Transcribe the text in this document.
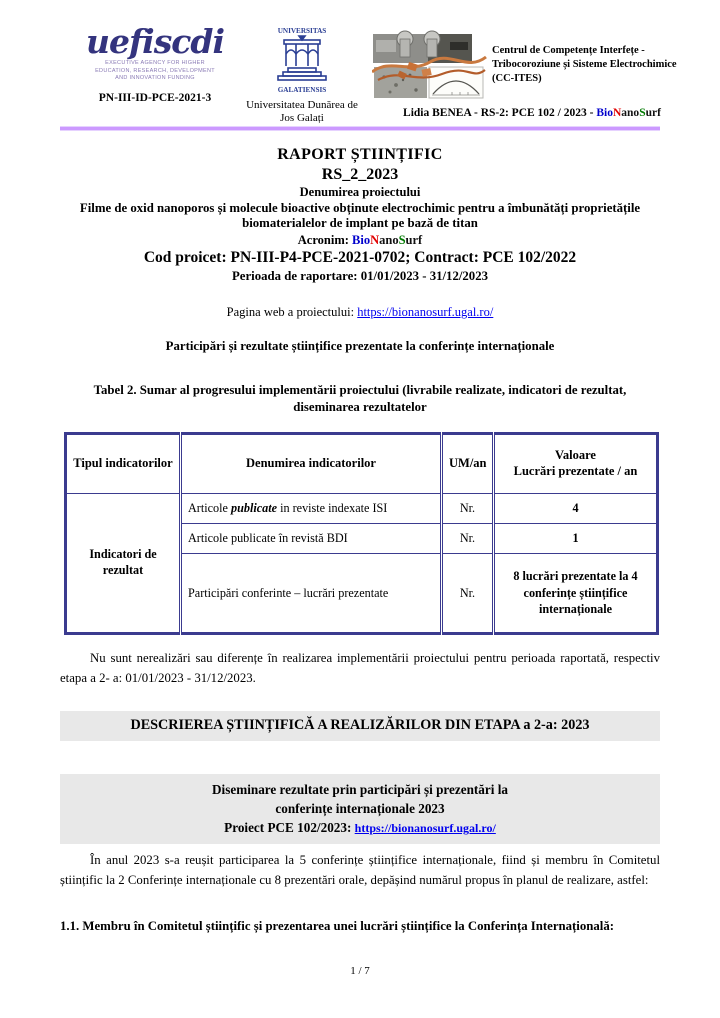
uefiscdi
EXECUTIVE AGENCY FOR HIGHER
EDUCATION, RESEARCH, DEVELOPMENT
AND INNOVATION FUNDING
PN-III-ID-PCE-2021-3
UNIVERSITAS
GALATIENSIS
Universitatea Dunărea de Jos Galați
Centrul de Competențe Interfețe - Tribocoroziune și Sisteme Electrochimice (CC-ITES)
Lidia BENEA - RS-2: PCE 102 / 2023 - BioNanoSurf
RAPORT ȘTIINȚIFIC
RS_2_2023
Denumirea proiectului
Filme de oxid nanoporos și molecule bioactive obținute electrochimic pentru a îmbunătăți proprietățile biomaterialelor de implant pe bază de titan
Acronim: BioNanoSurf
Cod proicet: PN-III-P4-PCE-2021-0702; Contract: PCE 102/2022
Perioada de raportare: 01/01/2023 - 31/12/2023
Pagina web a proiectului: https://bionanosurf.ugal.ro/
Participări și rezultate științifice prezentate la conferințe internaționale
Tabel 2. Sumar al progresului implementării proiectului (livrabile realizate, indicatori de rezultat, diseminarea rezultatelor
Tipul indicatorilor	Denumirea indicatorilor	UM/an	Valoare
Lucrări prezentate / an

Indicatori de rezultat	Articole publicate in reviste indexate ISI	Nr.	4
	Articole publicate în revistă BDI	Nr.	1
	Participări conferinte – lucrări prezentate	Nr.	8 lucrări prezentate la 4 conferințe științifice internaționale

Nu sunt nerealizări sau diferențe în realizarea implementării proiectului pentru perioada raportată, respectiv etapa a 2- a: 01/01/2023 - 31/12/2023.

DESCRIEREA ȘTIINȚIFICĂ A REALIZĂRILOR DIN ETAPA a 2-a: 2023
Diseminare rezultate prin participări și prezentări la
conferințe internaționale 2023
Proiect PCE 102/2023: https://bionanosurf.ugal.ro/

În anul 2023 s-a reușit participarea la 5 conferințe științifice internaționale, fiind și membru în Comitetul științific la 2 Conferințe internaționale cu 8 prezentări orale, depășind numărul propus în planul de realizare, astfel:

1.1. Membru în Comitetul științific și prezentarea unei lucrări științifice la Conferința Internațională:

1 / 7
